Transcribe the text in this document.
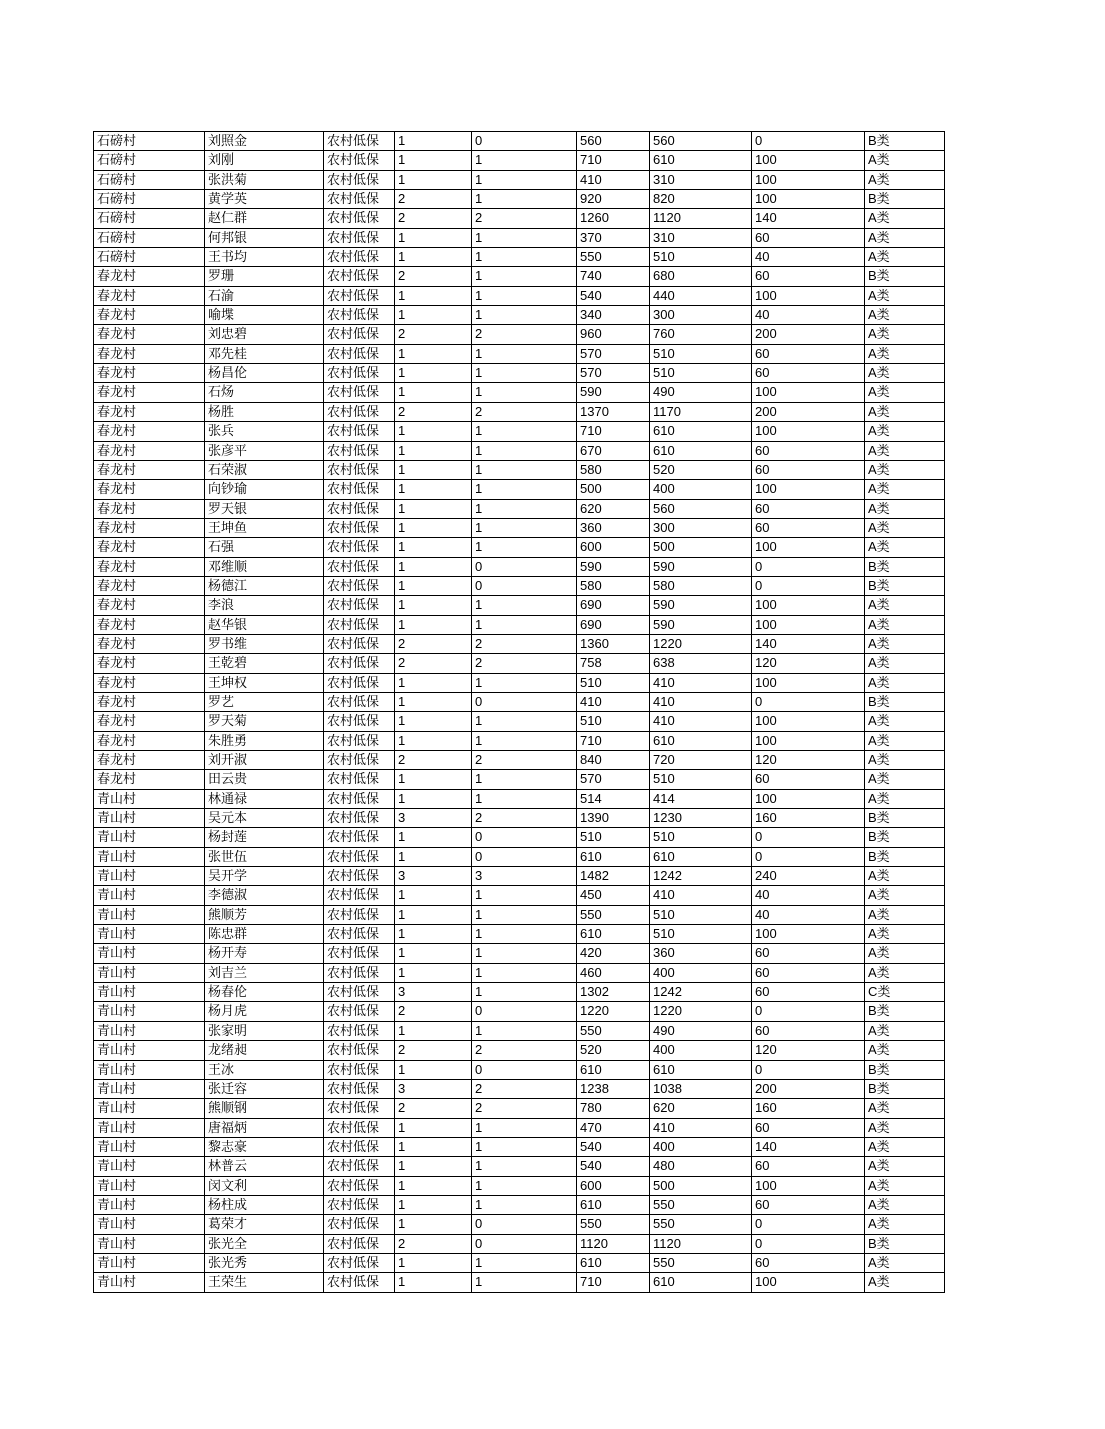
石磅村	刘照金	农村低保	1	0	560	560	0	B类
石磅村	刘刚	农村低保	1	1	710	610	100	A类
石磅村	张洪菊	农村低保	1	1	410	310	100	A类
石磅村	黄学英	农村低保	2	1	920	820	100	B类
石磅村	赵仁群	农村低保	2	2	1260	1120	140	A类
石磅村	何邦银	农村低保	1	1	370	310	60	A类
石磅村	王书均	农村低保	1	1	550	510	40	A类
春龙村	罗珊	农村低保	2	1	740	680	60	B类
春龙村	石渝	农村低保	1	1	540	440	100	A类
春龙村	喻堞	农村低保	1	1	340	300	40	A类
春龙村	刘忠碧	农村低保	2	2	960	760	200	A类
春龙村	邓先桂	农村低保	1	1	570	510	60	A类
春龙村	杨昌伦	农村低保	1	1	570	510	60	A类
春龙村	石炀	农村低保	1	1	590	490	100	A类
春龙村	杨胜	农村低保	2	2	1370	1170	200	A类
春龙村	张兵	农村低保	1	1	710	610	100	A类
春龙村	张彦平	农村低保	1	1	670	610	60	A类
春龙村	石荣淑	农村低保	1	1	580	520	60	A类
春龙村	向钞瑜	农村低保	1	1	500	400	100	A类
春龙村	罗天银	农村低保	1	1	620	560	60	A类
春龙村	王坤鱼	农村低保	1	1	360	300	60	A类
春龙村	石强	农村低保	1	1	600	500	100	A类
春龙村	邓维顺	农村低保	1	0	590	590	0	B类
春龙村	杨德江	农村低保	1	0	580	580	0	B类
春龙村	李浪	农村低保	1	1	690	590	100	A类
春龙村	赵华银	农村低保	1	1	690	590	100	A类
春龙村	罗书维	农村低保	2	2	1360	1220	140	A类
春龙村	王乾碧	农村低保	2	2	758	638	120	A类
春龙村	王坤权	农村低保	1	1	510	410	100	A类
春龙村	罗艺	农村低保	1	0	410	410	0	B类
春龙村	罗天菊	农村低保	1	1	510	410	100	A类
春龙村	朱胜勇	农村低保	1	1	710	610	100	A类
春龙村	刘开淑	农村低保	2	2	840	720	120	A类
春龙村	田云贵	农村低保	1	1	570	510	60	A类
青山村	林通禄	农村低保	1	1	514	414	100	A类
青山村	吴元本	农村低保	3	2	1390	1230	160	B类
青山村	杨封莲	农村低保	1	0	510	510	0	B类
青山村	张世伍	农村低保	1	0	610	610	0	B类
青山村	吴开学	农村低保	3	3	1482	1242	240	A类
青山村	李德淑	农村低保	1	1	450	410	40	A类
青山村	熊顺芳	农村低保	1	1	550	510	40	A类
青山村	陈忠群	农村低保	1	1	610	510	100	A类
青山村	杨开寿	农村低保	1	1	420	360	60	A类
青山村	刘吉兰	农村低保	1	1	460	400	60	A类
青山村	杨春伦	农村低保	3	1	1302	1242	60	C类
青山村	杨月虎	农村低保	2	0	1220	1220	0	B类
青山村	张家明	农村低保	1	1	550	490	60	A类
青山村	龙绪昶	农村低保	2	2	520	400	120	A类
青山村	王冰	农村低保	1	0	610	610	0	B类
青山村	张迁容	农村低保	3	2	1238	1038	200	B类
青山村	熊顺钢	农村低保	2	2	780	620	160	A类
青山村	唐福炳	农村低保	1	1	470	410	60	A类
青山村	黎志豪	农村低保	1	1	540	400	140	A类
青山村	林普云	农村低保	1	1	540	480	60	A类
青山村	闵文利	农村低保	1	1	600	500	100	A类
青山村	杨柱成	农村低保	1	1	610	550	60	A类
青山村	葛荣才	农村低保	1	0	550	550	0	A类
青山村	张光全	农村低保	2	0	1120	1120	0	B类
青山村	张光秀	农村低保	1	1	610	550	60	A类
青山村	王荣生	农村低保	1	1	710	610	100	A类
